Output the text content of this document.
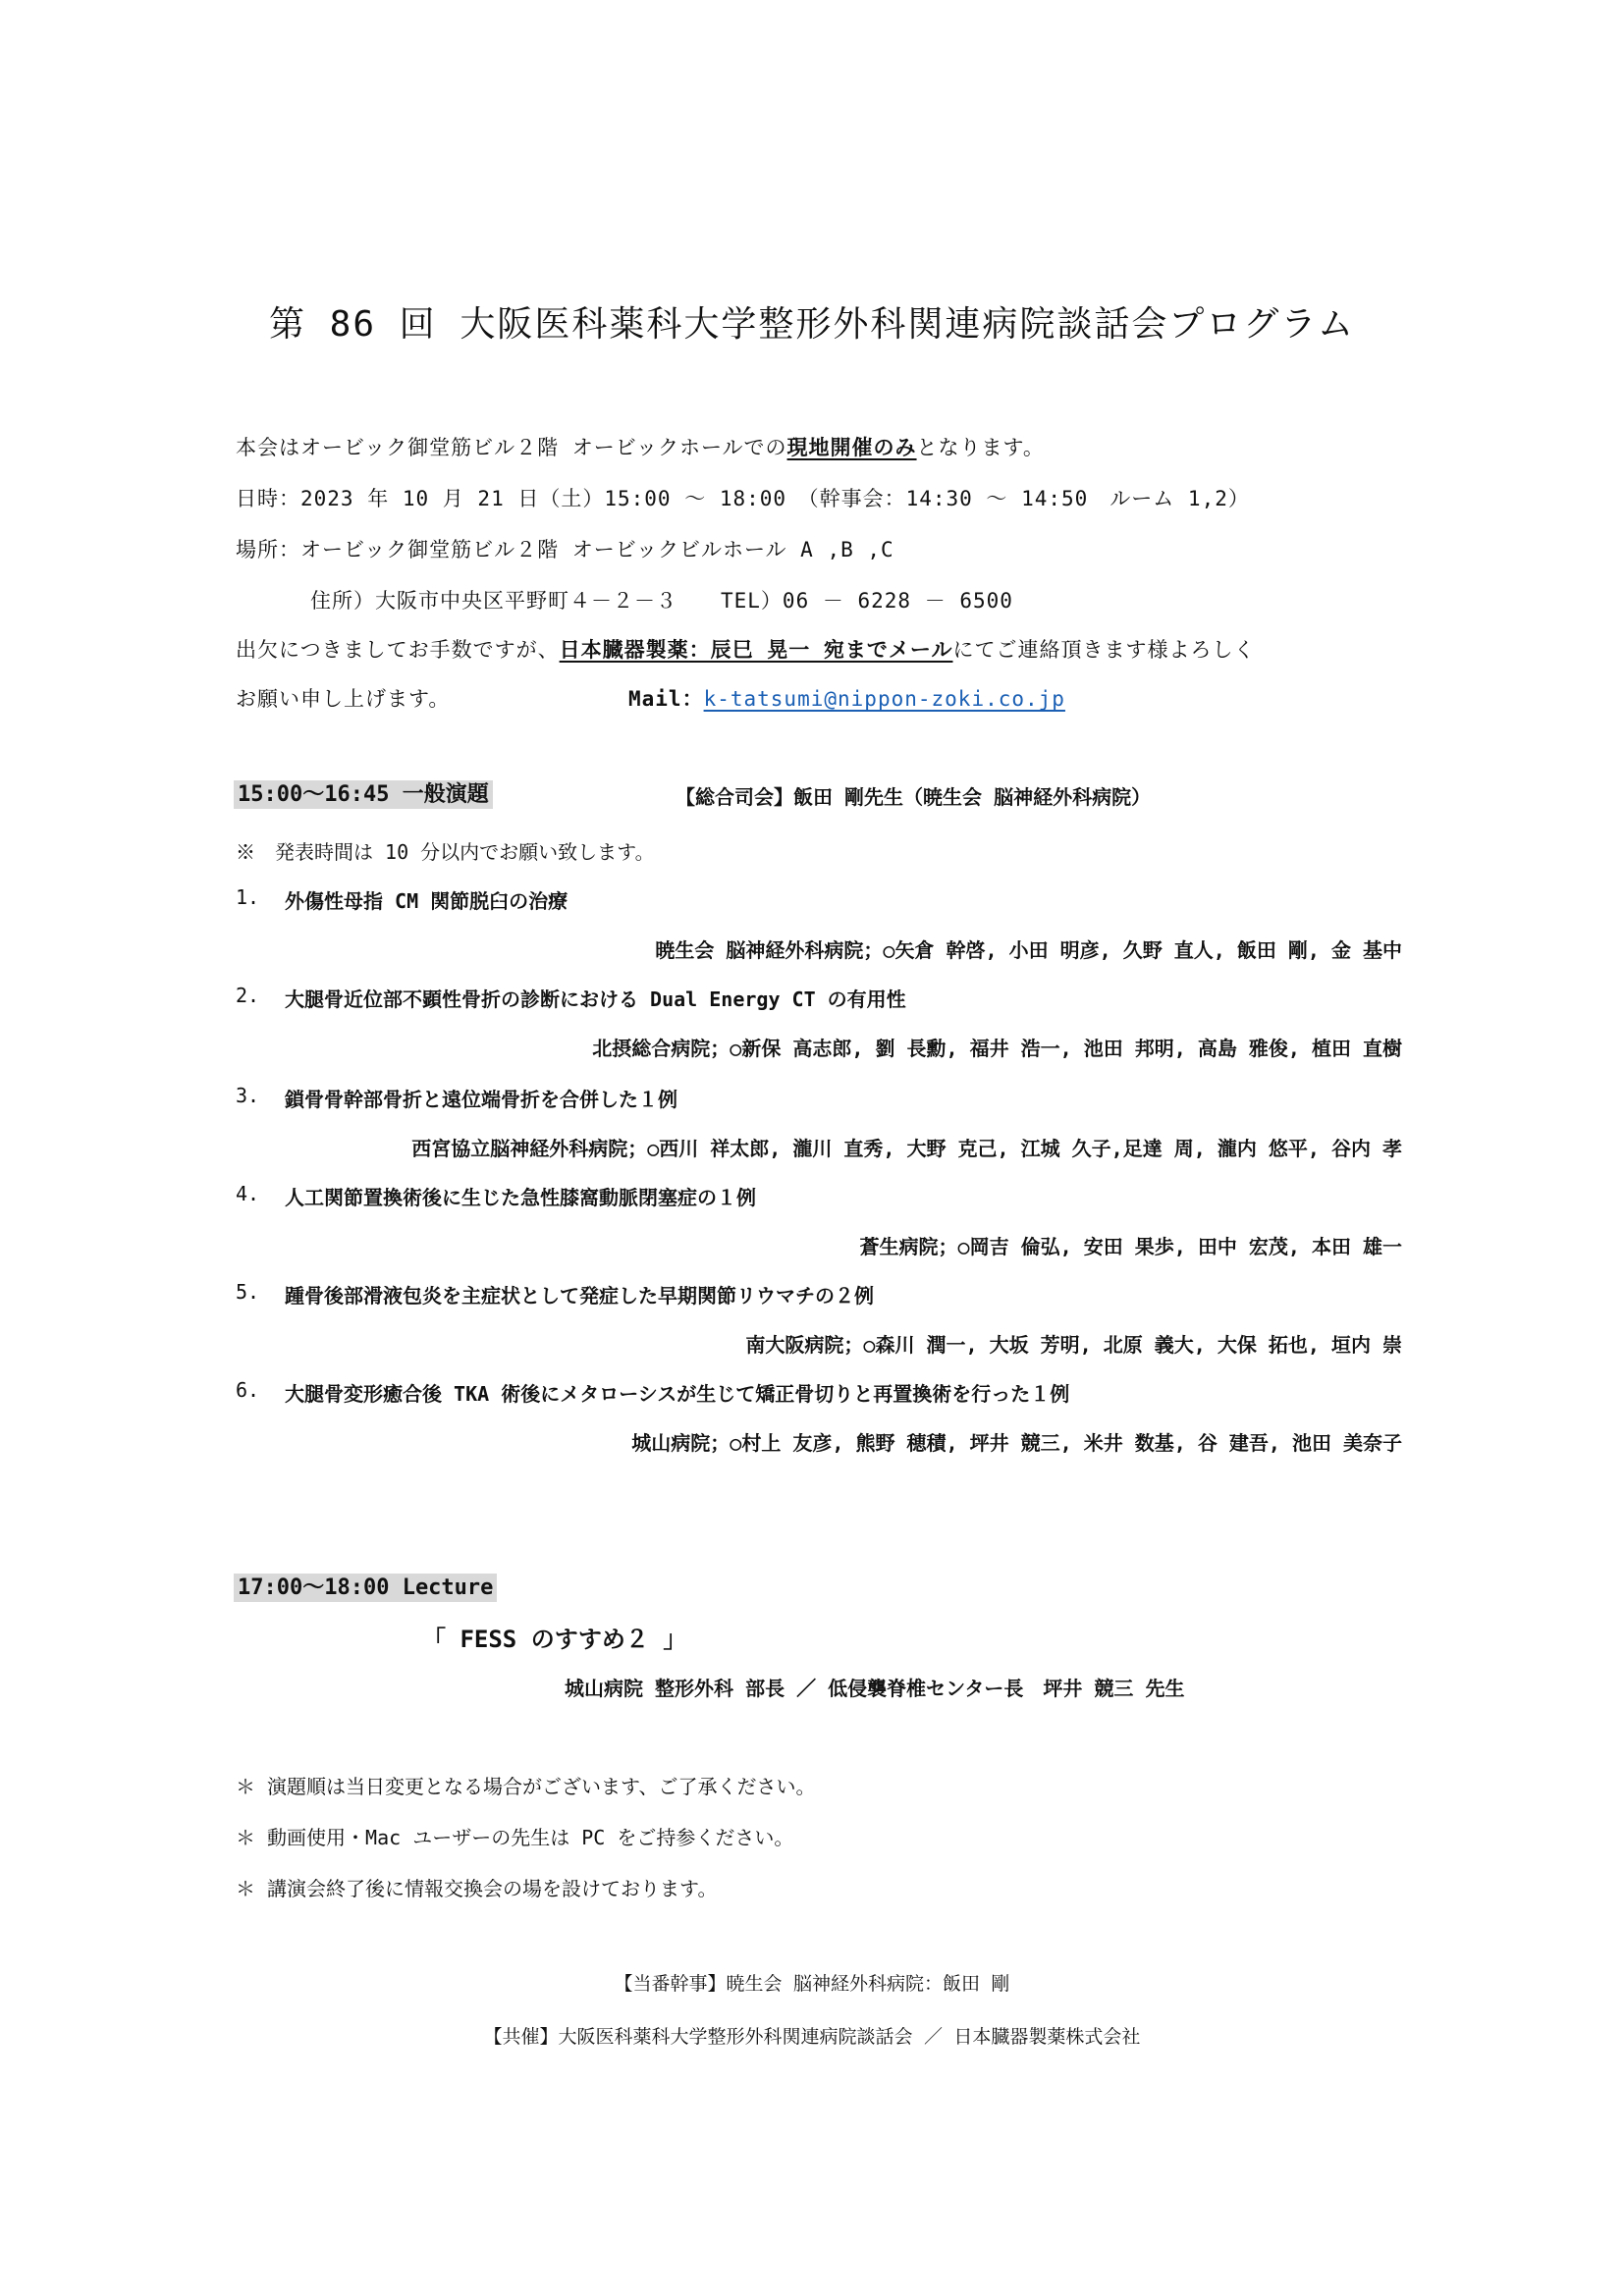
第 86 回 大阪医科薬科大学整形外科関連病院談話会プログラム
本会はオービック御堂筋ビル２階 オービックホールでの現地開催のみとなります。
日時：2023 年 10 月 21 日（土）15:00 ～ 18:00　（幹事会：14:30 ～ 14:50　ルーム 1,2）
場所：オービック御堂筋ビル２階 オービックビルホール A ,B ,C
住所）大阪市中央区平野町４－２－３　　TEL）06 － 6228 － 6500
出欠につきましてお手数ですが、日本臓器製薬：辰巳 晃一 宛までメールにてご連絡頂きます様よろしく
お願い申し上げます。	Mail：k-tatsumi@nippon-zoki.co.jp
15:00～16:45 一般演題	【総合司会】飯田 剛先生（暁生会 脳神経外科病院）
※　発表時間は 10 分以内でお願い致します。
1. 外傷性母指 CM 関節脱臼の治療
暁生会 脳神経外科病院；○矢倉 幹啓, 小田 明彦, 久野 直人, 飯田 剛, 金 基中
2. 大腿骨近位部不顕性骨折の診断における Dual Energy CT の有用性
北摂総合病院；○新保 高志郎, 劉 長勳, 福井 浩一, 池田 邦明, 高島 雅俊, 植田 直樹
3. 鎖骨骨幹部骨折と遠位端骨折を合併した１例
西宮協立脳神経外科病院；○西川 祥太郎, 瀧川 直秀, 大野 克己, 江城 久子,足達 周, 瀧内 悠平, 谷内 孝
4. 人工関節置換術後に生じた急性膝窩動脈閉塞症の１例
蒼生病院；○岡吉 倫弘, 安田 果歩, 田中 宏茂, 本田 雄一
5. 踵骨後部滑液包炎を主症状として発症した早期関節リウマチの２例
南大阪病院；○森川 潤一, 大坂 芳明, 北原 義大, 大保 拓也, 垣内 崇
6. 大腿骨変形癒合後 TKA 術後にメタローシスが生じて矯正骨切りと再置換術を行った１例
城山病院；○村上 友彦, 熊野 穂積, 坪井 競三, 米井 数基, 谷 建吾, 池田 美奈子
17:00～18:00 Lecture
「 FESS のすすめ２ 」
城山病院 整形外科 部長 ／ 低侵襲脊椎センター長　坪井 競三 先生
＊ 演題順は当日変更となる場合がございます、ご了承ください。
＊ 動画使用・Mac ユーザーの先生は PC をご持参ください。
＊ 講演会終了後に情報交換会の場を設けております。
【当番幹事】暁生会 脳神経外科病院：飯田 剛
【共催】大阪医科薬科大学整形外科関連病院談話会 ／ 日本臓器製薬株式会社
